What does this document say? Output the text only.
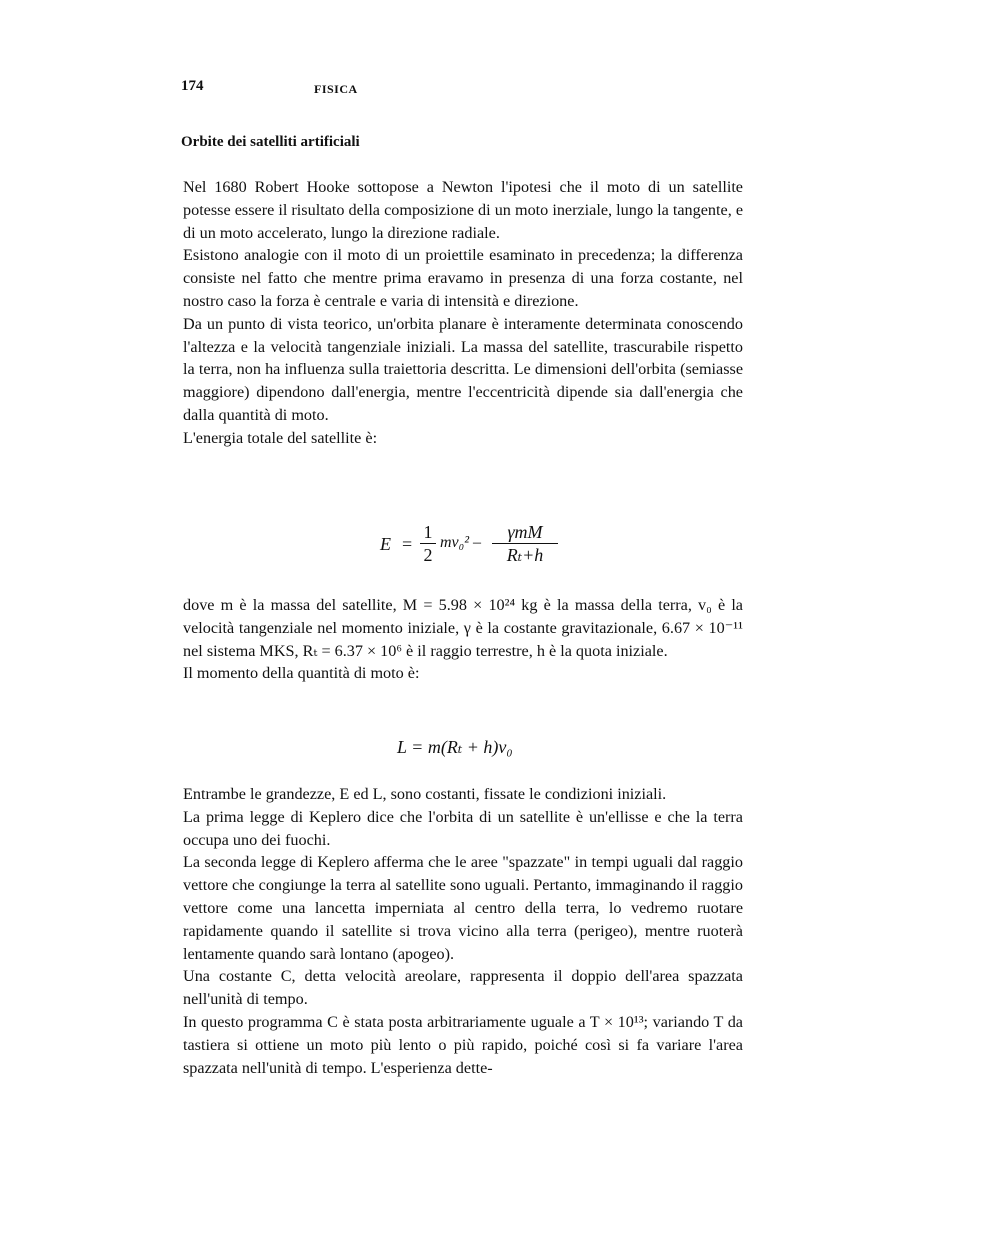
174	FISICA
Orbite dei satelliti artificiali

Nel 1680 Robert Hooke sottopose a Newton l'ipotesi che il moto di un satellite potesse essere il risultato della composizione di un moto inerziale, lungo la tangente, e di un moto accelerato, lungo la direzione radiale.

Esistono analogie con il moto di un proiettile esaminato in precedenza; la differenza consiste nel fatto che mentre prima eravamo in presenza di una forza costante, nel nostro caso la forza è centrale e varia di intensità e direzione.

Da un punto di vista teorico, un'orbita planare è interamente determinata conoscendo l'altezza e la velocità tangenziale iniziali. La massa del satellite, trascurabile rispetto la terra, non ha influenza sulla traiettoria descritta. Le dimensioni dell'orbita (semiasse maggiore) dipendono dall'energia, mentre l'eccentricità dipende sia dall'energia che dalla quantità di moto.

L'energia totale del satellite è:

E =
1
2
mv₀² –
γmM
Rₜ+h

dove m è la massa del satellite, M = 5.98 × 10²⁴ kg è la massa della terra, v₀ è la velocità tangenziale nel momento iniziale, γ è la costante gravitazionale, 6.67 × 10⁻¹¹ nel sistema MKS, Rₜ = 6.37 × 10⁶ è il raggio terrestre, h è la quota iniziale.

Il momento della quantità di moto è:

L = m(Rₜ + h)v₀

Entrambe le grandezze, E ed L, sono costanti, fissate le condizioni iniziali.

La prima legge di Keplero dice che l'orbita di un satellite è un'ellisse e che la terra occupa uno dei fuochi.

La seconda legge di Keplero afferma che le aree "spazzate" in tempi uguali dal raggio vettore che congiunge la terra al satellite sono uguali. Pertanto, immaginando il raggio vettore come una lancetta imperniata al centro della terra, lo vedremo ruotare rapidamente quando il satellite si trova vicino alla terra (perigeo), mentre ruoterà lentamente quando sarà lontano (apogeo).

Una costante C, detta velocità areolare, rappresenta il doppio dell'area spazzata nell'unità di tempo.

In questo programma C è stata posta arbitrariamente uguale a T × 10¹³; variando T da tastiera si ottiene un moto più lento o più rapido, poiché così si fa variare l'area spazzata nell'unità di tempo. L'esperienza dette-
